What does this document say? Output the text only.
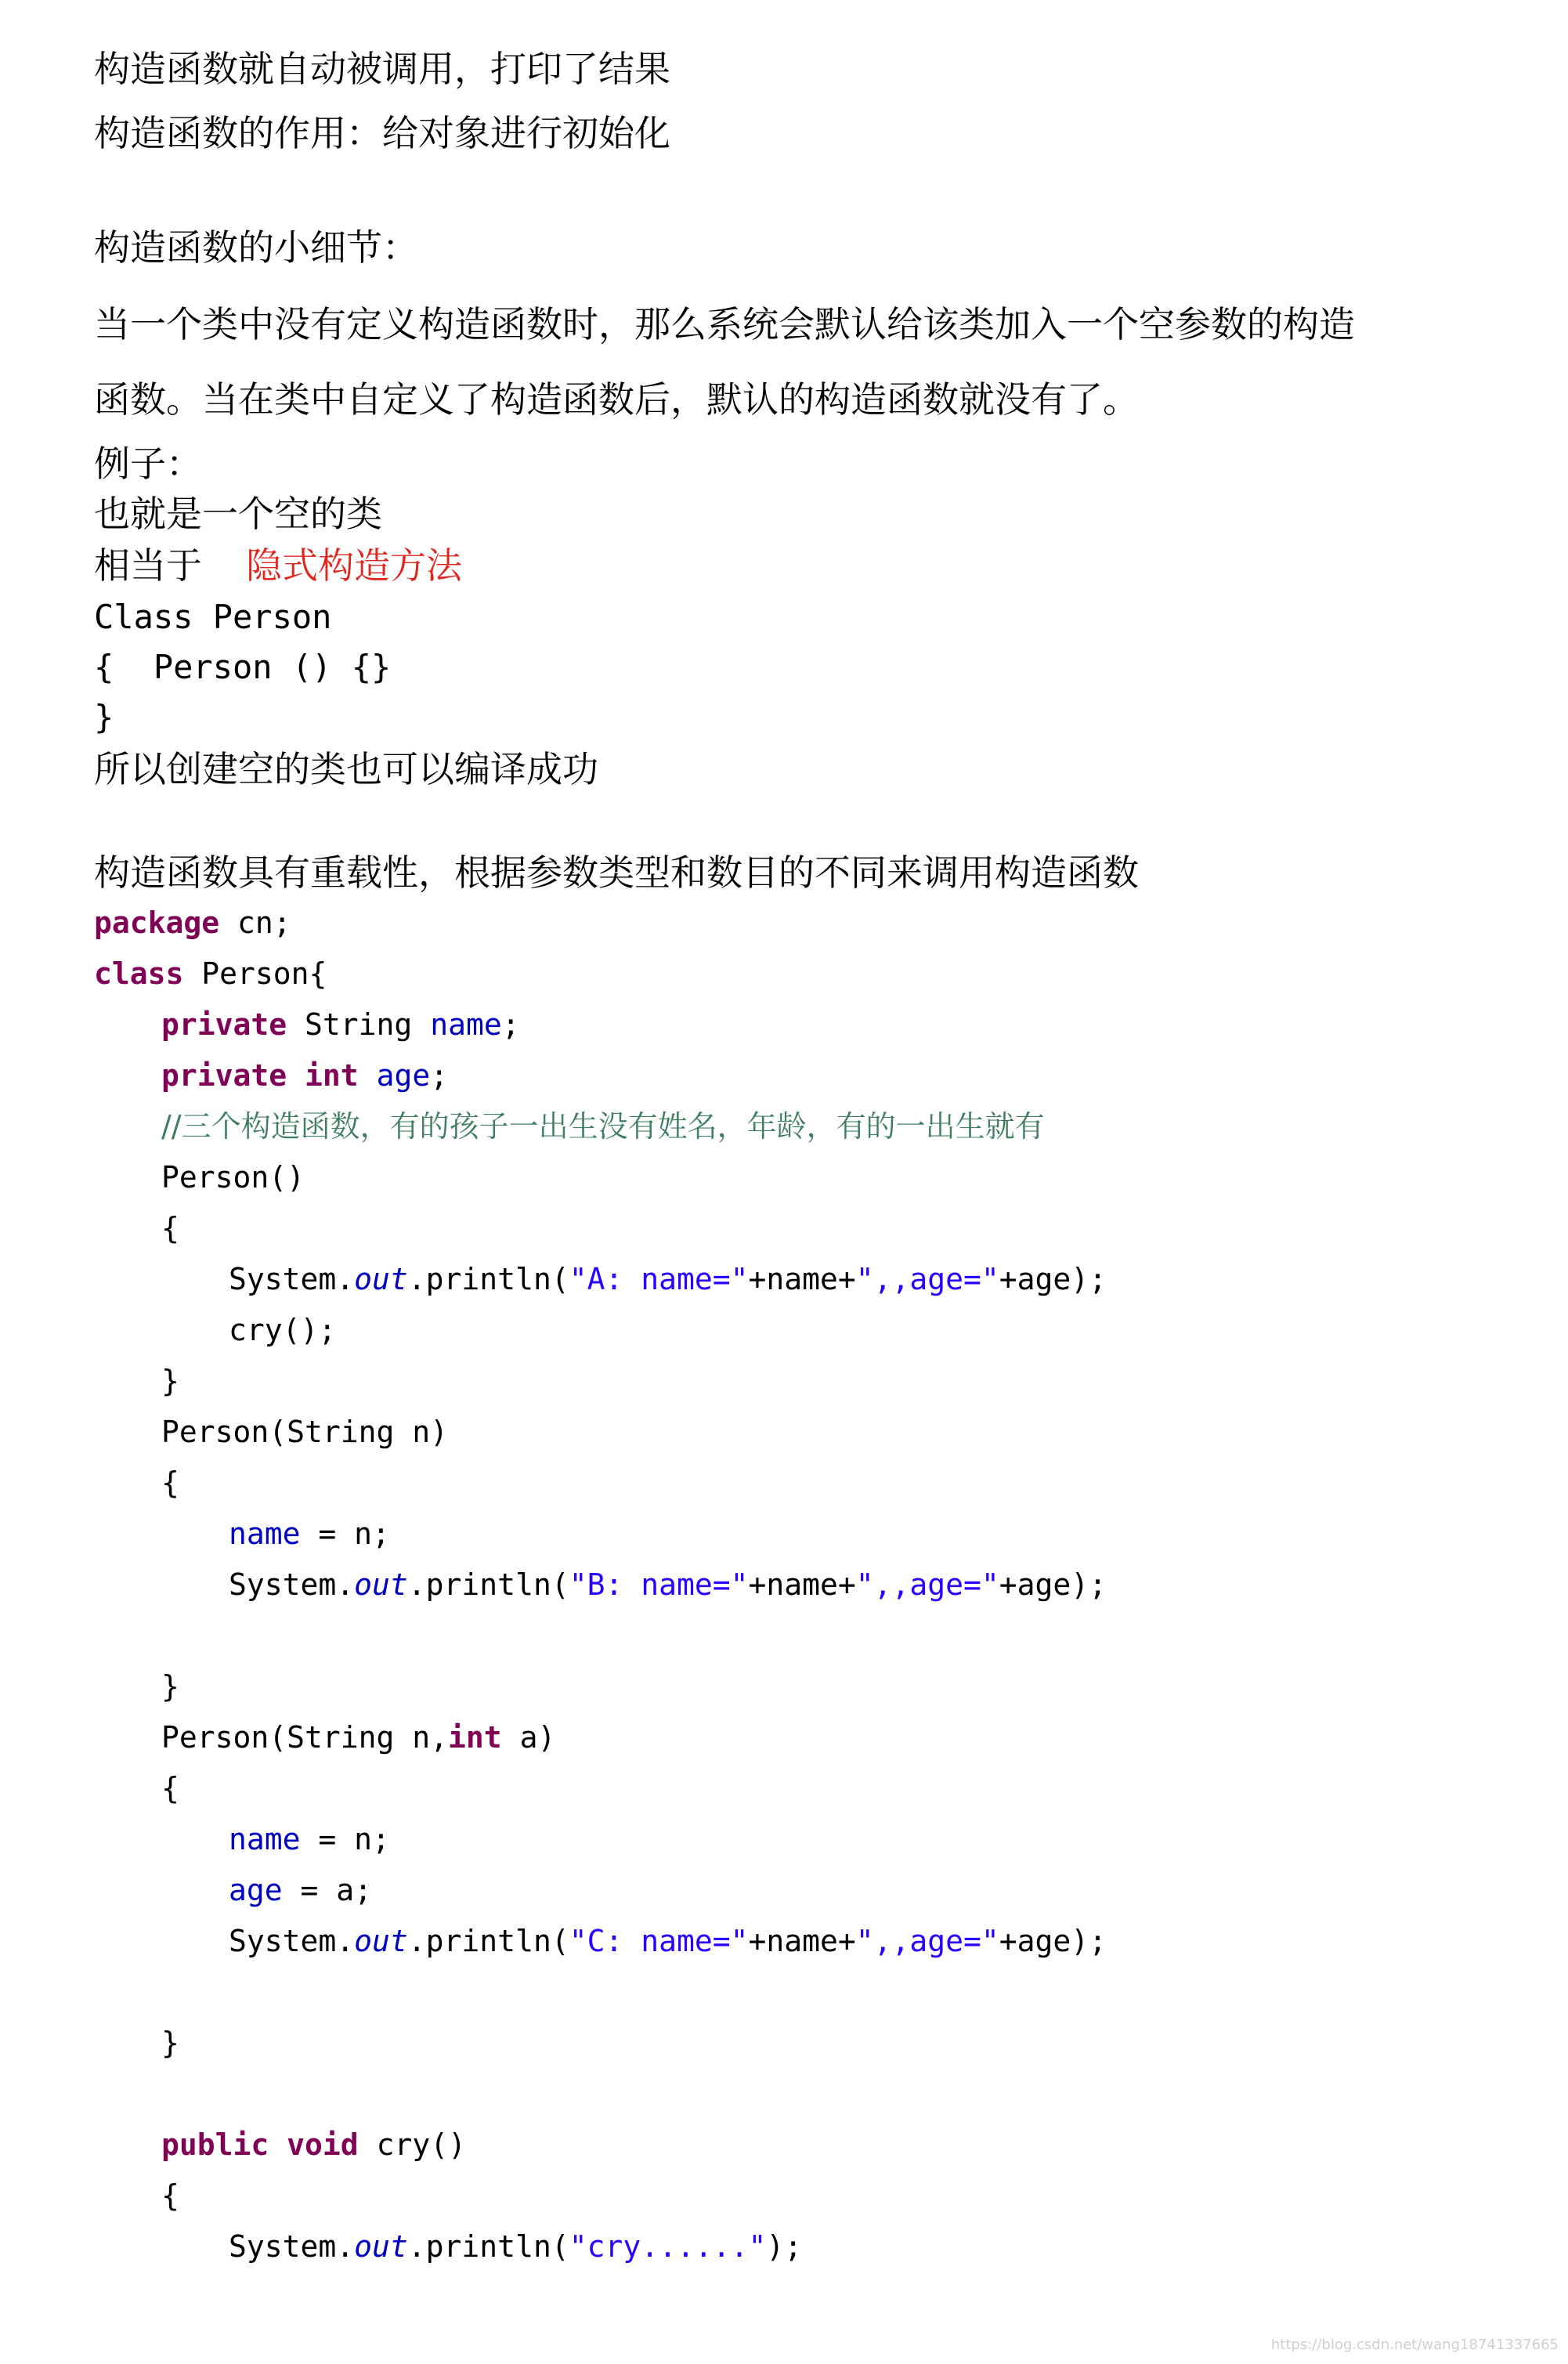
构造函数就自动被调用，打印了结果
构造函数的作用：给对象进行初始化
构造函数的小细节：
当一个类中没有定义构造函数时，那么系统会默认给该类加入一个空参数的构造
函数。当在类中自定义了构造函数后，默认的构造函数就没有了。
例子：
也就是一个空的类
相当于 隐式构造方法
Class Person
{  Person () {}
}
所以创建空的类也可以编译成功
构造函数具有重载性，根据参数类型和数目的不同来调用构造函数
package cn;
class Person{
private String name;
private int age;
//三个构造函数，有的孩子一出生没有姓名，年龄，有的一出生就有
Person()
{
System.out.println("A: name="+name+",,age="+age);
cry();
}
Person(String n)
{
name = n;
System.out.println("B: name="+name+",,age="+age);
}
Person(String n,int a)
{
name = n;
age = a;
System.out.println("C: name="+name+",,age="+age);
}
public void cry()
{
System.out.println("cry......");
https://blog.csdn.net/wang18741337665
